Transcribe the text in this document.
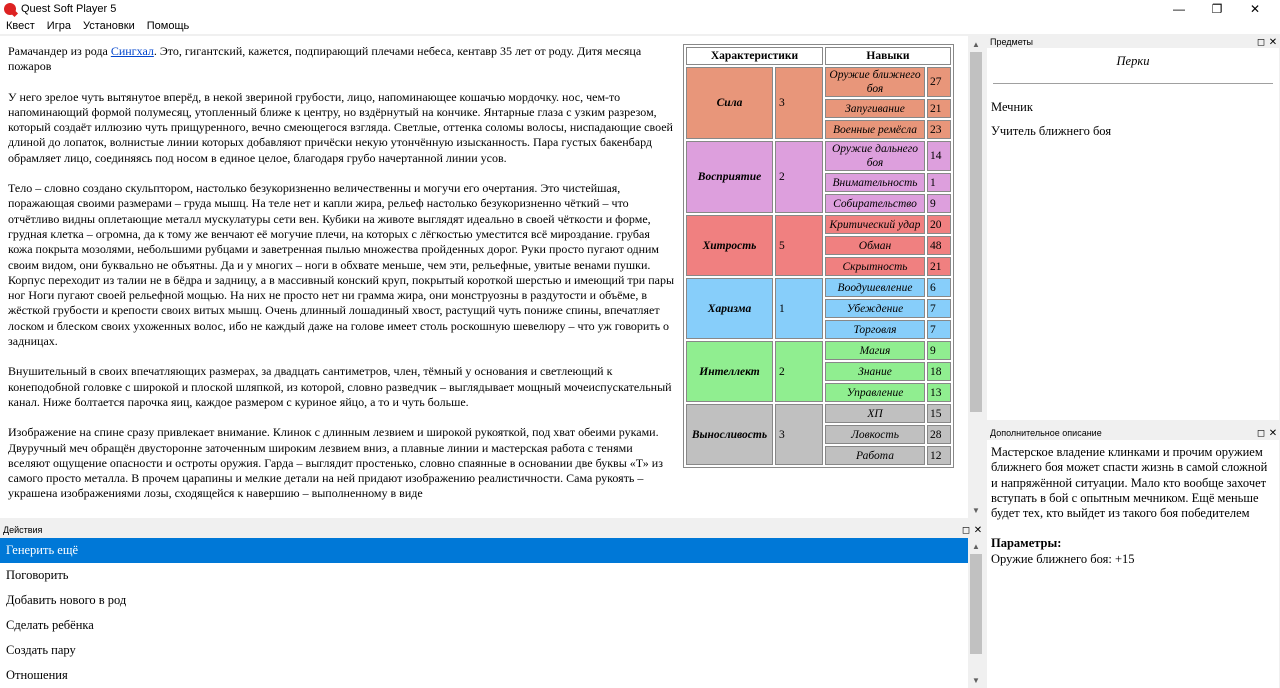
Quest Soft Player 5	—	❐	✕
Квест	Игра	Установки	Помощь

Рамачандер из рода Сингхал. Это, гигантский, кажется, подпирающий плечами небеса, кентавр 35 лет от роду. Дитя месяца пожаров

У него зрелое чуть вытянутое вперёд, в некой звериной грубости, лицо, напоминающее кошачью мордочку. нос, чем-то напоминающий формой полумесяц, утопленный ближе к центру, но вздёрнутый на кончике. Янтарные глаза с узким разрезом, который создаёт иллюзию чуть прищуренного, вечно смеющегося взгляда. Светлые, оттенка соломы волосы, ниспадающие своей длиной до лопаток, волнистые линии которых добавляют причёски некую утончённую изысканность. Пара густых бакенбард обрамляет лицо, соединяясь под носом в единое целое, благодаря грубо начертанной линии усов.

Тело – словно создано скульптором, настолько безукоризненно величественны и могучи его очертания. Это чистейшая, поражающая своими размерами – груда мышц. На теле нет и капли жира, рельеф настолько безукоризненно чёткий – что отчётливо видны оплетающие металл мускулатуры сети вен. Кубики на животе выглядят идеально в своей чёткости и форме, грудная клетка – огромна, да к тому же венчают её могучие плечи, на которых с лёгкостью уместится всё мироздание. грубая кожа покрыта мозолями, небольшими рубцами и заветренная пылью множества пройденных дорог. Руки просто пугают одним своим видом, они буквально не объятны. Да и у многих – ноги в обхвате меньше, чем эти, рельефные, увитые венами пушки. Корпус переходит из талии не в бёдра и задницу, а в массивный конский круп, покрытый короткой шерстью и имеющий три пары ног Ноги пугают своей рельефной мощью. На них не просто нет ни грамма жира, они монструозны в раздутости и объёме, в жёсткой грубости и крепости своих витых мышц. Очень длинный лошадиный хвост, растущий чуть пониже спины, впечатляет лоском и блеском своих ухоженных волос, ибо не каждый даже на голове имеет столь роскошную шевелюру – что уж говорить о задницах.

Внушительный в своих впечатляющих размерах, за двадцать сантиметров, член, тёмный у основания и светлеющий к конеподобной головке с широкой и плоской шляпкой, из которой, словно разведчик – выглядывает мощный мочеиспускательный канал. Ниже болтается парочка яиц, каждое размером с куриное яйцо, а то и чуть больше.

Изображение на спине сразу привлекает внимание. Клинок с длинным лезвием и широкой рукояткой, под хват обеими руками. Двуручный меч обращён двусторонне заточенным широким лезвием вниз, а плавные линии и мастерская работа с тенями вселяют ощущение опасности и остроты оружия. Гарда – выглядит простенько, словно спаянные в основании две буквы «Т» из самого просто металла. В прочем царапины и мелкие детали на ней придают изображению реалистичности. Сама рукоять – украшена изображениями лозы, сходящейся к навершию – выполненному в виде

Характеристики		Навыки	
Сила	3	Оружие ближнего боя	27
		Запугивание	21
		Военные ремёсла	23
Восприятие	2	Оружие дальнего боя	14
		Внимательность	1
		Собирательство	9
Хитрость	5	Критический удар	20
		Обман	48
		Скрытность	21
Харизма	1	Воодушевление	6
		Убеждение	7
		Торговля	7
Интеллект	2	Магия	9
		Знание	18
		Управление	13
Выносливость	3	ХП	15
		Ловкость	28
		Работа	12
▲
▼
Действия	◻ ✕
Генерить ещё
Поговорить
Добавить нового в род
Сделать ребёнка
Создать пару
Отношения
▲
▼
Предметы	◻ ✕
Перки
Мечник
Учитель ближнего боя
Дополнительное описание	◻ ✕
Мастерское владение клинками и прочим оружием ближнего боя может спасти жизнь в самой сложной и напряжённой ситуации. Мало кто вообще захочет вступать в бой с опытным мечником. Ещё меньше будет тех, кто выйдет из такого боя победителем
Параметры:
Оружие ближнего боя: +15
